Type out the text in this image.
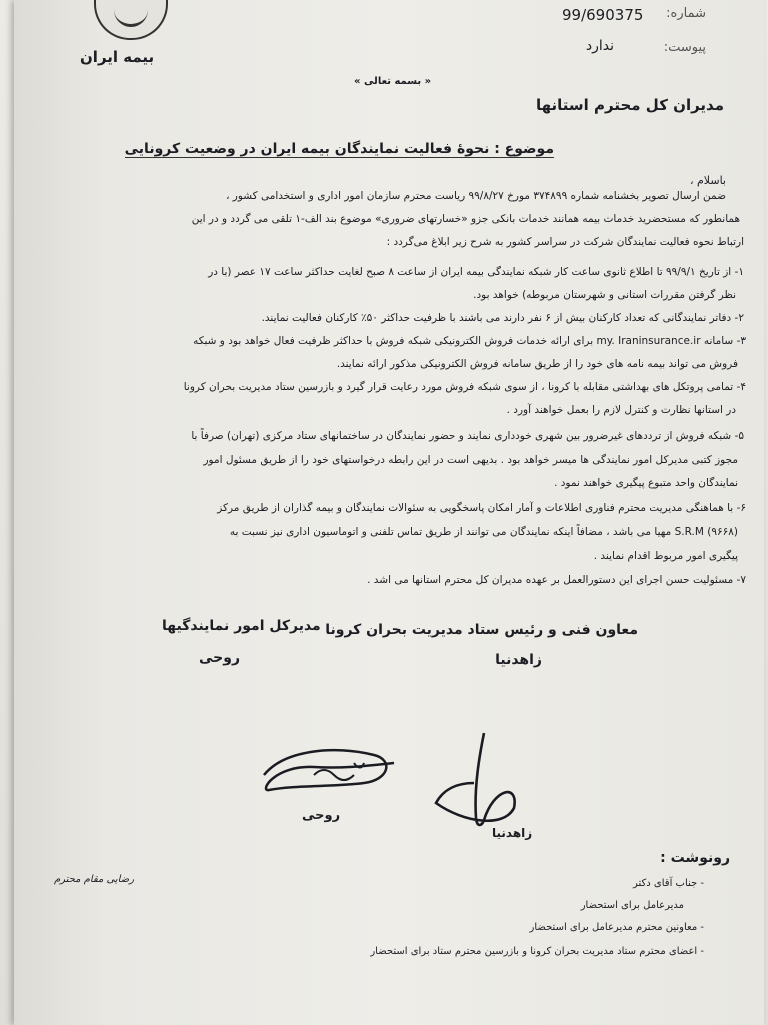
بیمه ایران
شماره:
99/690375
پیوست:
ندارد
« بسمه تعالی »
مدیران کل محترم استانها
موضوع : نحوهٔ فعالیت نمایندگان بیمه ایران در وضعیت کرونایی
باسلام ،
ضمن ارسال تصویر بخشنامه شماره ۳۷۴۸۹۹ مورخ ۹۹/۸/۲۷ ریاست محترم سازمان امور اداری و استخدامی کشور ،
همانطور که مستحضرید خدمات بیمه همانند خدمات بانکی جزو «خسارتهای ضروری» موضوع بند الف-۱ تلقی می گردد و در این
ارتباط نحوه فعالیت نمایندگان شرکت در سراسر کشور به شرح زیر ابلاغ می‌گردد :
۱- از تاریخ ۹۹/۹/۱ تا اطلاع ثانوی ساعت کار شبکه نمایندگی بیمه ایران از ساعت ۸ صبح لغایت حداکثر ساعت ۱۷ عصر (با در
نظر گرفتن مقررات استانی و شهرستان مربوطه) خواهد بود.
۲- دفاتر نمایندگانی که تعداد کارکنان بیش از ۶ نفر دارند می باشند با ظرفیت حداکثر ۵۰٪ کارکنان فعالیت نمایند.
۳- سامانه my. Iraninsurance.ir برای ارائه خدمات فروش الکترونیکی شبکه فروش با حداکثر ظرفیت فعال خواهد بود و شبکه
فروش می تواند بیمه نامه های خود را از طریق سامانه فروش الکترونیکی مذکور ارائه نمایند.
۴- تمامی پروتکل های بهداشتی مقابله با کرونا ، از سوی شبکه فروش مورد رعایت قرار گیرد و بازرسین ستاد مدیریت بحران کرونا
در استانها نظارت و کنترل لازم را بعمل خواهند آورد .
۵- شبکه فروش از ترددهای غیرضرور بین شهری خودداری نمایند و حضور نمایندگان در ساختمانهای ستاد مرکزی (تهران) صرفاً با
مجوز کتبی مدیرکل امور نمایندگی ها میسر خواهد بود . بدیهی است در این رابطه درخواستهای خود را از طریق مسئول امور
نمایندگان واحد متبوع پیگیری خواهند نمود .
۶- با هماهنگی مدیریت محترم فناوری اطلاعات و آمار امکان پاسخگویی به سئوالات نمایندگان و بیمه گذاران از طریق مرکز
S.R.M (۹۶۶۸) مهیا می باشد ، مضافاً اینکه نمایندگان می توانند از طریق تماس تلفنی و اتوماسیون اداری نیز نسبت به
پیگیری امور مربوط اقدام نمایند .
۷- مسئولیت حسن اجرای این دستورالعمل بر عهده مدیران کل محترم استانها می اشد .
معاون فنی و رئیس ستاد مدیریت بحران کرونا
زاهدنیا
مدیرکل امور نمایندگیها
روحی
روحی
زاهدنیا
رونوشت :
- جناب آقای دکتر
مدیرعامل برای استحضار
- معاونین محترم مدیرعامل برای استحضار
- اعضای محترم ستاد مدیریت بحران کرونا و بازرسین محترم ستاد برای استحضار
رضایی مقام محترم
